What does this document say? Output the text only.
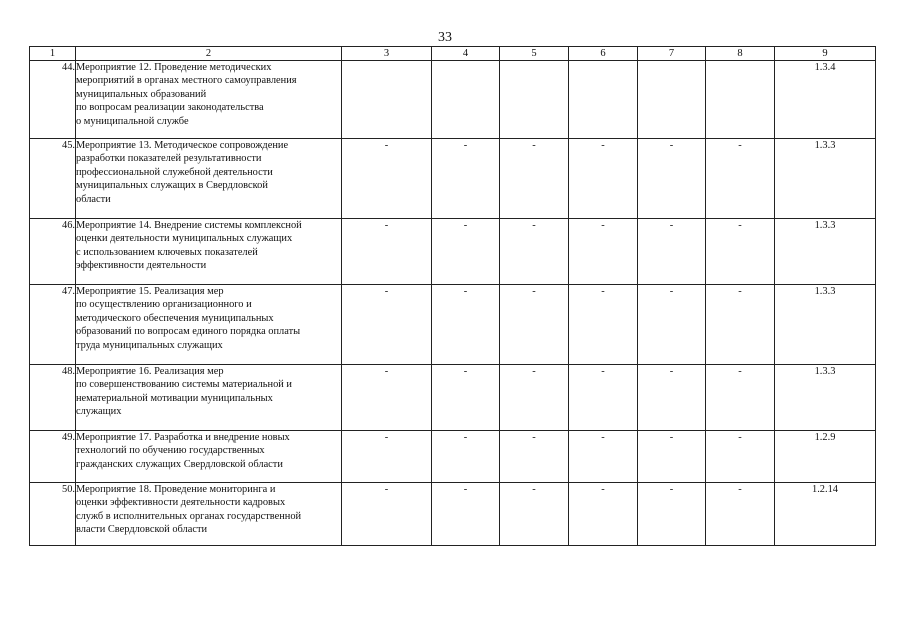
33
1	2	3	4	5	6	7	8	9
44.	Мероприятие 12. Проведение методических
мероприятий в органах местного самоуправления
муниципальных образований
по вопросам реализации законодательства
о муниципальной службе							1.3.4
45.	Мероприятие 13. Методическое сопровождение
разработки показателей результативности
профессиональной служебной деятельности
муниципальных служащих в Свердловской
области	-	-	-	-	-	-	1.3.3
46.	Мероприятие 14. Внедрение системы комплексной
оценки деятельности муниципальных служащих
с использованием ключевых показателей
эффективности деятельности	-	-	-	-	-	-	1.3.3
47.	Мероприятие 15. Реализация мер
по осуществлению организационного и
методического обеспечения муниципальных
образований по вопросам единого порядка оплаты
труда муниципальных служащих	-	-	-	-	-	-	1.3.3
48.	Мероприятие 16. Реализация мер
по совершенствованию системы материальной и
нематериальной мотивации муниципальных
служащих	-	-	-	-	-	-	1.3.3
49.	Мероприятие 17. Разработка и внедрение новых
технологий по обучению государственных
гражданских служащих Свердловской области	-	-	-	-	-	-	1.2.9
50.	Мероприятие 18. Проведение мониторинга и
оценки эффективности деятельности кадровых
служб в исполнительных органах государственной
власти Свердловской области	-	-	-	-	-	-	1.2.14
